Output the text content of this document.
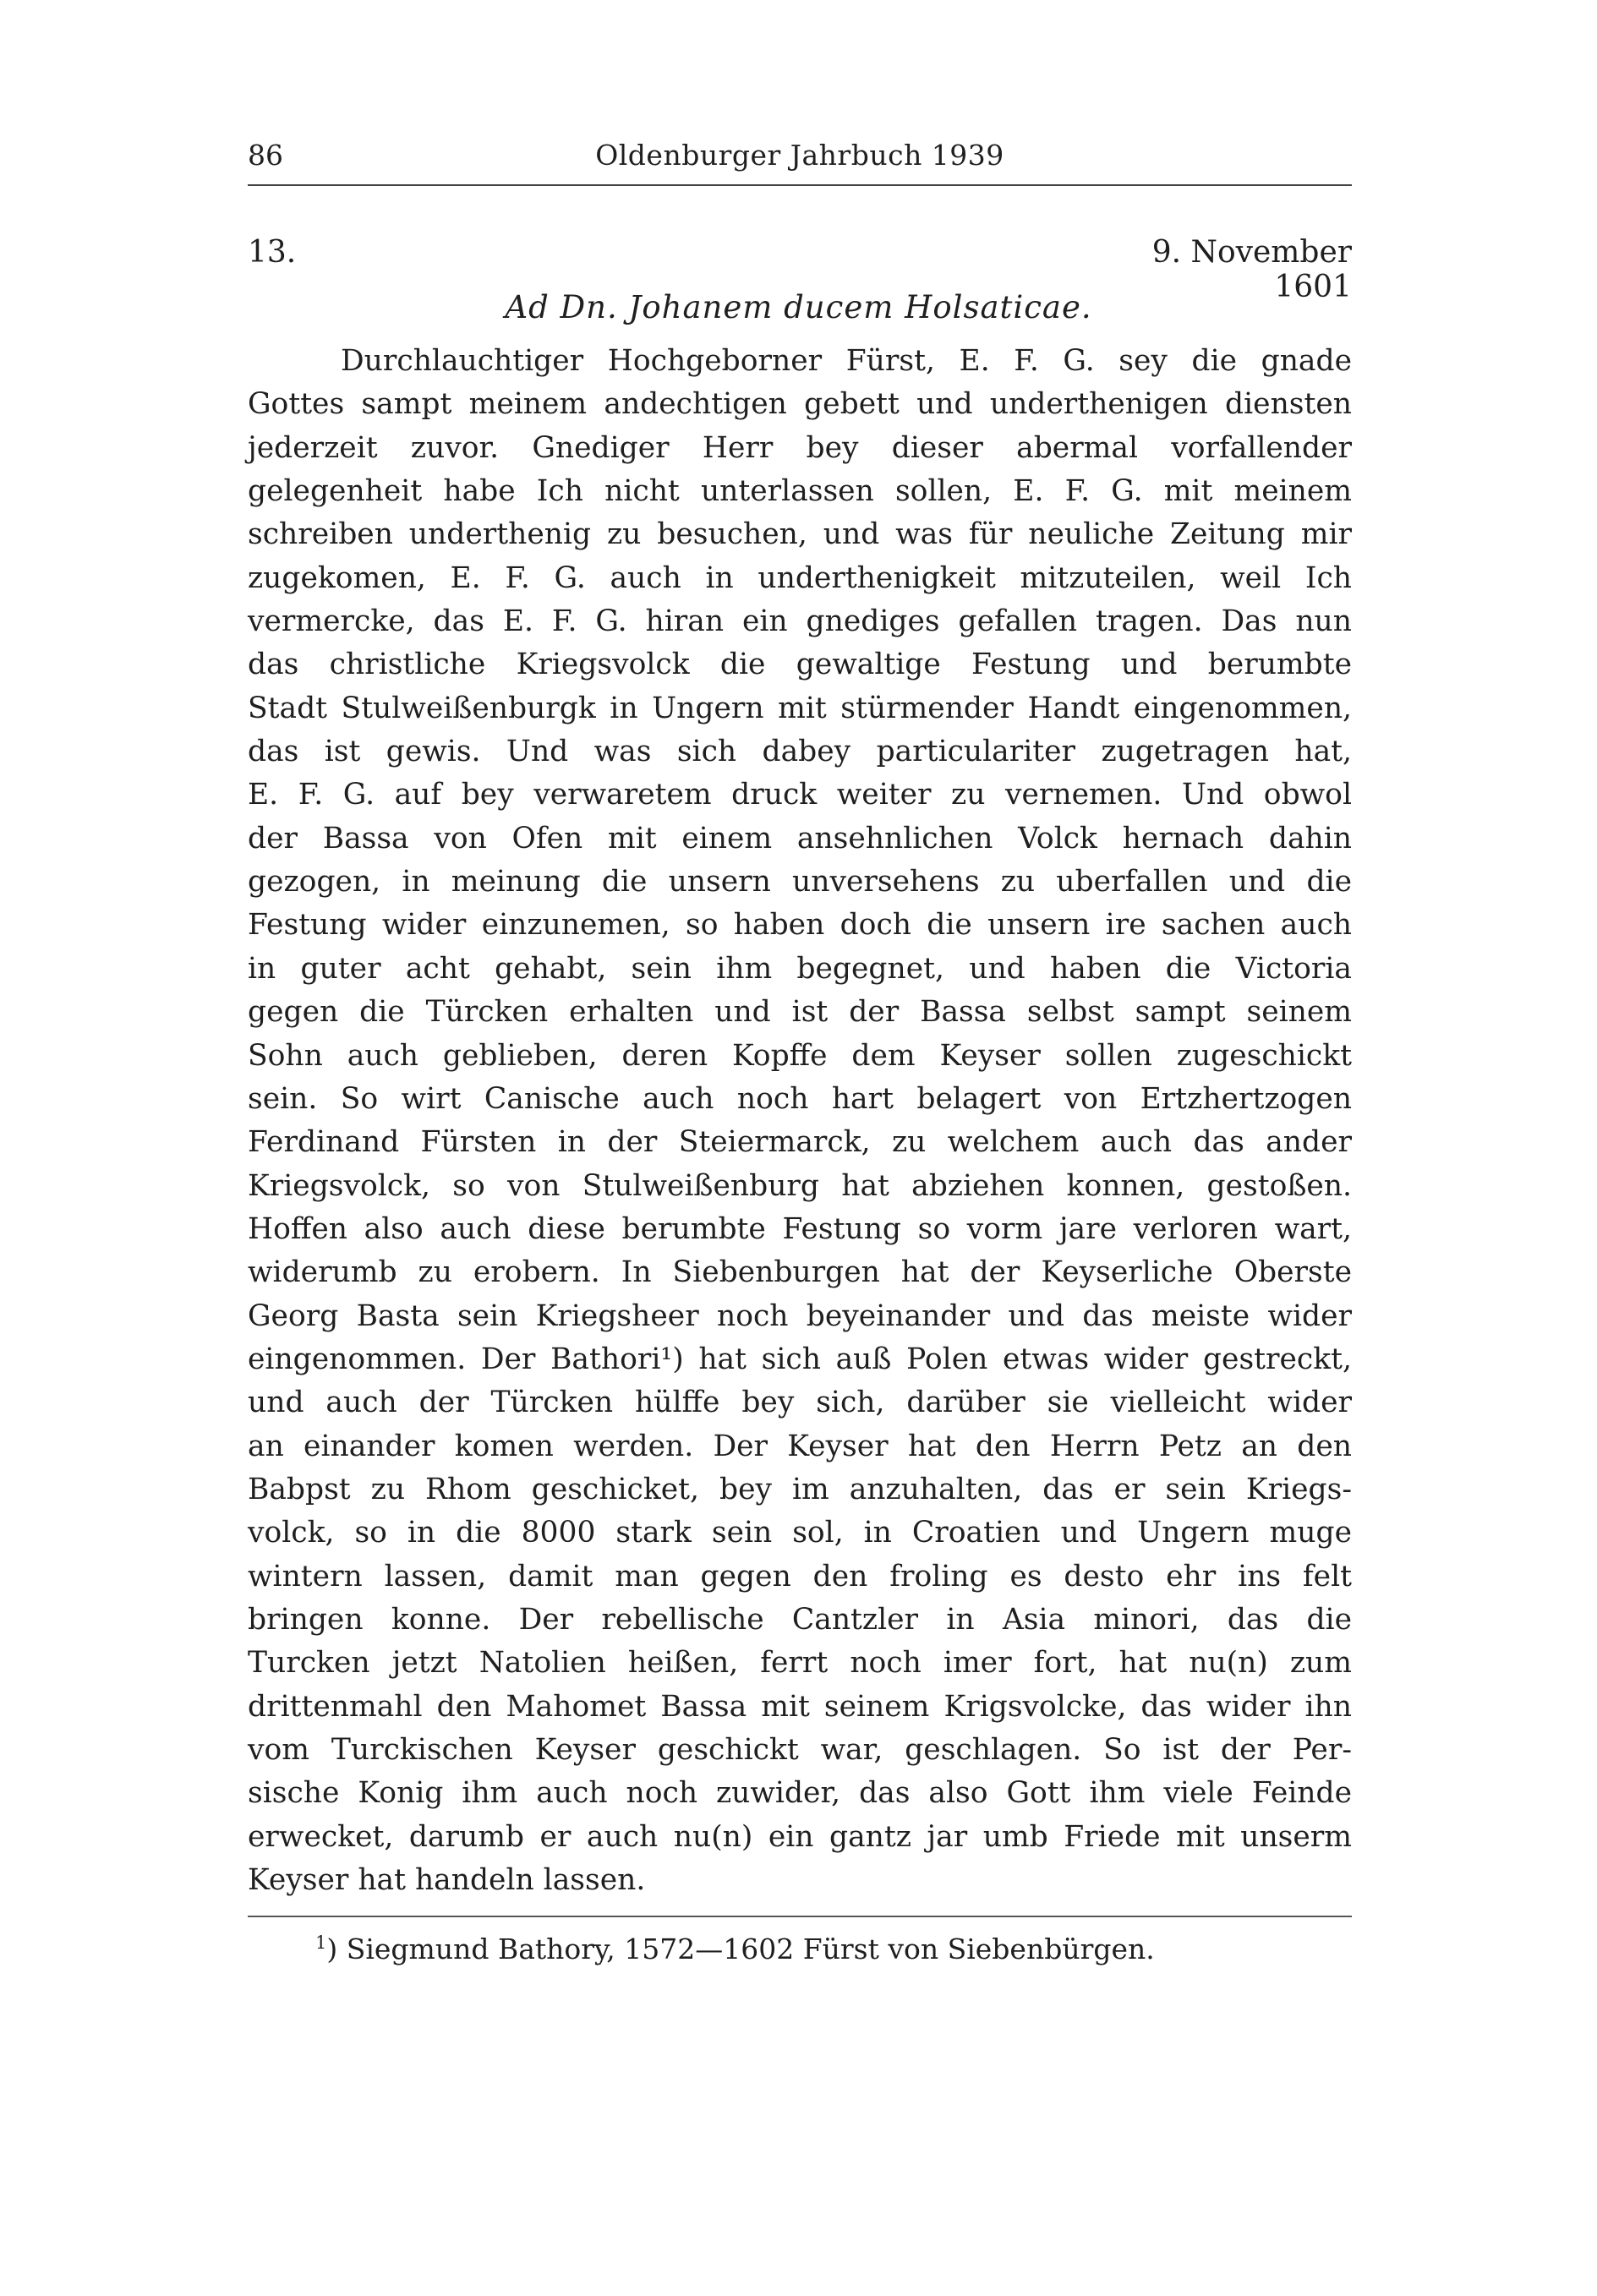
86	Oldenburger Jahrbuch 1939
13.	9. November 1601
Ad Dn. Johanem ducem Holsaticae.
Durchlauchtiger Hochgeborner Fürst, E. F. G. sey die gnade
Gottes sampt meinem andechtigen gebett und underthenigen diensten
jederzeit zuvor. Gnediger Herr bey dieser abermal vorfallender
gelegenheit habe Ich nicht unterlassen sollen, E. F. G. mit meinem
schreiben underthenig zu besuchen, und was für neuliche Zeitung mir
zugekomen, E. F. G. auch in underthenigkeit mitzuteilen, weil Ich
vermercke, das E. F. G. hiran ein gnediges gefallen tragen. Das nun
das christliche Kriegsvolck die gewaltige Festung und berumbte
Stadt Stulweißenburgk in Ungern mit stürmender Handt eingenommen,
das ist gewis. Und was sich dabey particulariter zugetragen hat,
E. F. G. auf bey verwaretem druck weiter zu vernemen. Und obwol
der Bassa von Ofen mit einem ansehnlichen Volck hernach dahin
gezogen, in meinung die unsern unversehens zu uberfallen und die
Festung wider einzunemen, so haben doch die unsern ire sachen auch
in guter acht gehabt, sein ihm begegnet, und haben die Victoria
gegen die Türcken erhalten und ist der Bassa selbst sampt seinem
Sohn auch geblieben, deren Kopffe dem Keyser sollen zugeschickt
sein. So wirt Canische auch noch hart belagert von Ertzhertzogen
Ferdinand Fürsten in der Steiermarck, zu welchem auch das ander
Kriegsvolck, so von Stulweißenburg hat abziehen konnen, gestoßen.
Hoffen also auch diese berumbte Festung so vorm jare verloren wart,
widerumb zu erobern. In Siebenburgen hat der Keyserliche Oberste
Georg Basta sein Kriegsheer noch beyeinander und das meiste wider
eingenommen. Der Bathori¹) hat sich auß Polen etwas wider gestreckt,
und auch der Türcken hülffe bey sich, darüber sie vielleicht wider
an einander komen werden. Der Keyser hat den Herrn Petz an den
Babpst zu Rhom geschicket, bey im anzuhalten, das er sein Kriegs-
volck, so in die 8000 stark sein sol, in Croatien und Ungern muge
wintern lassen, damit man gegen den froling es desto ehr ins felt
bringen konne. Der rebellische Cantzler in Asia minori, das die
Turcken jetzt Natolien heißen, ferrt noch imer fort, hat nu(n) zum
drittenmahl den Mahomet Bassa mit seinem Krigsvolcke, das wider ihn
vom Turckischen Keyser geschickt war, geschlagen. So ist der Per-
sische Konig ihm auch noch zuwider, das also Gott ihm viele Feinde
erwecket, darumb er auch nu(n) ein gantz jar umb Friede mit unserm
Keyser hat handeln lassen.
$^1$) Siegmund Bathory, 1572—1602 Fürst von Siebenbürgen.
